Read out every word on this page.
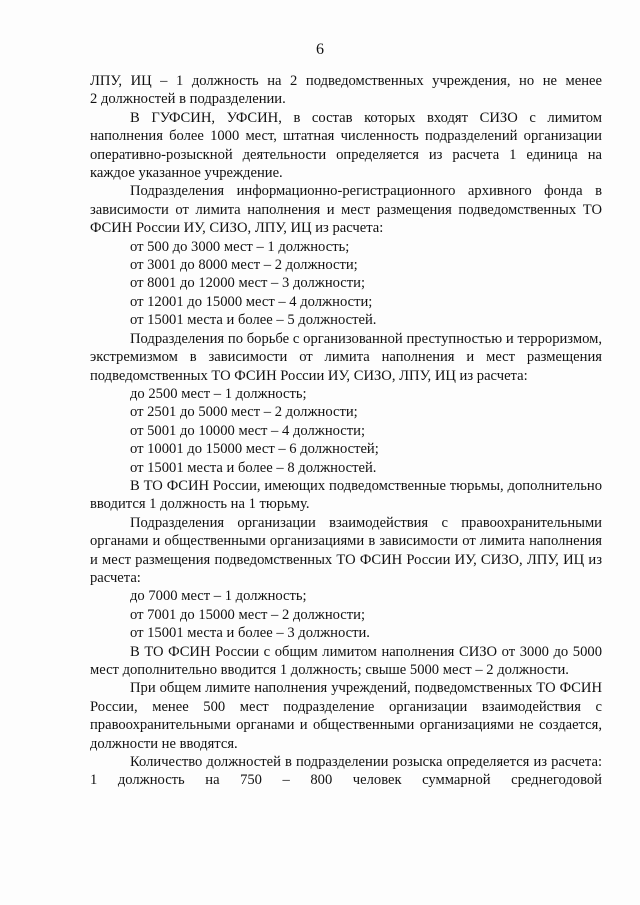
6

ЛПУ, ИЦ – 1 должность на 2 подведомственных учреждения, но не менее

2 должностей в подразделении.

В ГУФСИН, УФСИН, в состав которых входят СИЗО с лимитом наполнения более 1000 мест, штатная численность подразделений организации оперативно-розыскной деятельности определяется из расчета 1 единица на каждое указанное учреждение.

Подразделения информационно-регистрационного архивного фонда в зависимости от лимита наполнения и мест размещения подведомственных ТО ФСИН России ИУ, СИЗО, ЛПУ, ИЦ из расчета:

от 500 до 3000 мест – 1 должность;

от 3001 до 8000 мест – 2 должности;

от 8001 до 12000 мест – 3 должности;

от 12001 до 15000 мест – 4 должности;

от 15001 места и более – 5 должностей.

Подразделения по борьбе с организованной преступностью и терроризмом, экстремизмом в зависимости от лимита наполнения и мест размещения подведомственных ТО ФСИН России ИУ, СИЗО, ЛПУ, ИЦ из расчета:

до 2500 мест – 1 должность;

от 2501 до 5000 мест – 2 должности;

от 5001 до 10000 мест – 4 должности;

от 10001 до 15000 мест – 6 должностей;

от 15001 места и более – 8 должностей.

В ТО ФСИН России, имеющих подведомственные тюрьмы, дополнительно вводится 1 должность на 1 тюрьму.

Подразделения организации взаимодействия с правоохранительными органами и общественными организациями в зависимости от лимита наполнения и мест размещения подведомственных ТО ФСИН России ИУ, СИЗО, ЛПУ, ИЦ из расчета:

до 7000 мест – 1 должность;

от 7001 до 15000 мест – 2 должности;

от 15001 места и более – 3 должности.

В ТО ФСИН России с общим лимитом наполнения СИЗО от 3000 до 5000 мест дополнительно вводится 1 должность; свыше 5000 мест – 2 должности.

При общем лимите наполнения учреждений, подведомственных ТО ФСИН России, менее 500 мест подразделение организации взаимодействия с правоохранительными органами и общественными организациями не создается, должности не вводятся.

Количество должностей в подразделении розыска определяется из расчета: 1 должность на 750 – 800 человек суммарной среднегодовой
